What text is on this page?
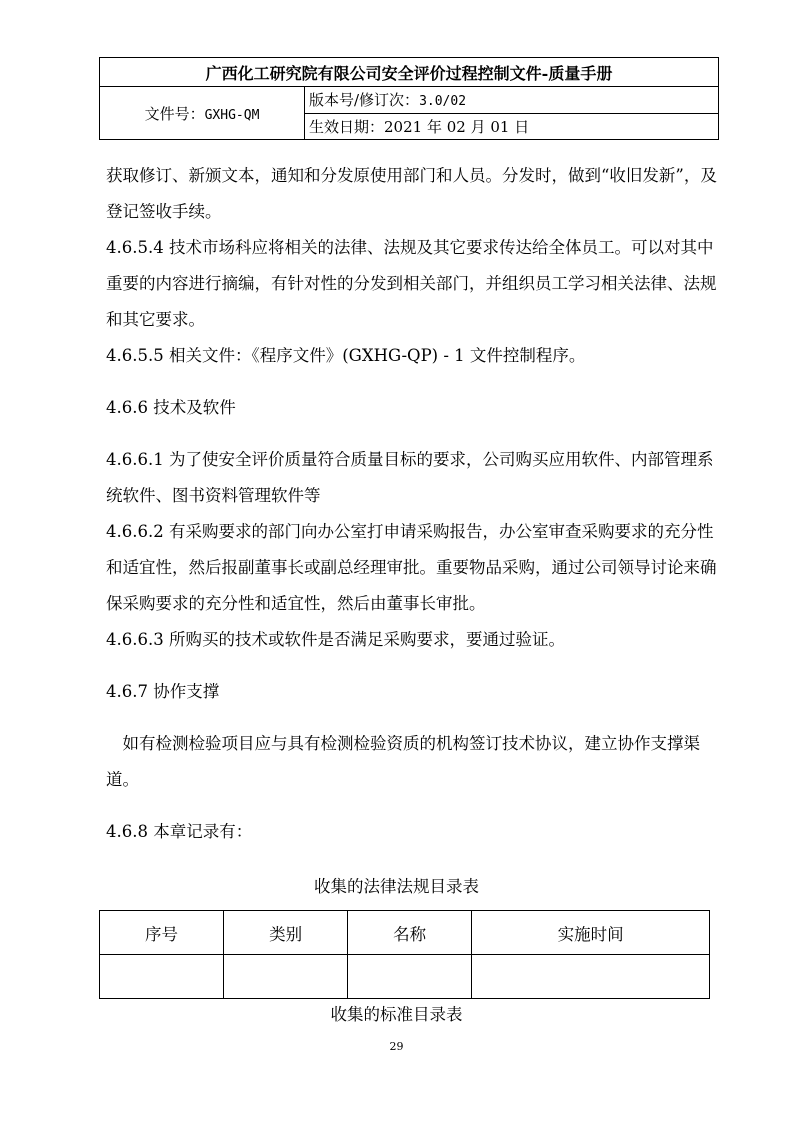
广西化工研究院有限公司安全评价过程控制文件-质量手册
文件号：GXHG-QM	版本号/修订次：3.0/02
生效日期：2021 年 02 月 01 日

获取修订、新颁文本，通知和分发原使用部门和人员。分发时，做到“收旧发新”，及登记签收手续。

4.6.5.4 技术市场科应将相关的法律、法规及其它要求传达给全体员工。可以对其中重要的内容进行摘编，有针对性的分发到相关部门，并组织员工学习相关法律、法规和其它要求。

4.6.5.5 相关文件：《程序文件》(GXHG-QP) - 1 文件控制程序。

4.6.6 技术及软件

4.6.6.1 为了使安全评价质量符合质量目标的要求，公司购买应用软件、内部管理系统软件、图书资料管理软件等

4.6.6.2 有采购要求的部门向办公室打申请采购报告，办公室审查采购要求的充分性和适宜性，然后报副董事长或副总经理审批。重要物品采购，通过公司领导讨论来确保采购要求的充分性和适宜性，然后由董事长审批。

4.6.6.3 所购买的技术或软件是否满足采购要求，要通过验证。

4.6.7 协作支撑

　如有检测检验项目应与具有检测检验资质的机构签订技术协议，建立协作支撑渠道。

4.6.8 本章记录有：

收集的法律法规目录表
序号	类别	名称	实施时间

收集的标准目录表
29
